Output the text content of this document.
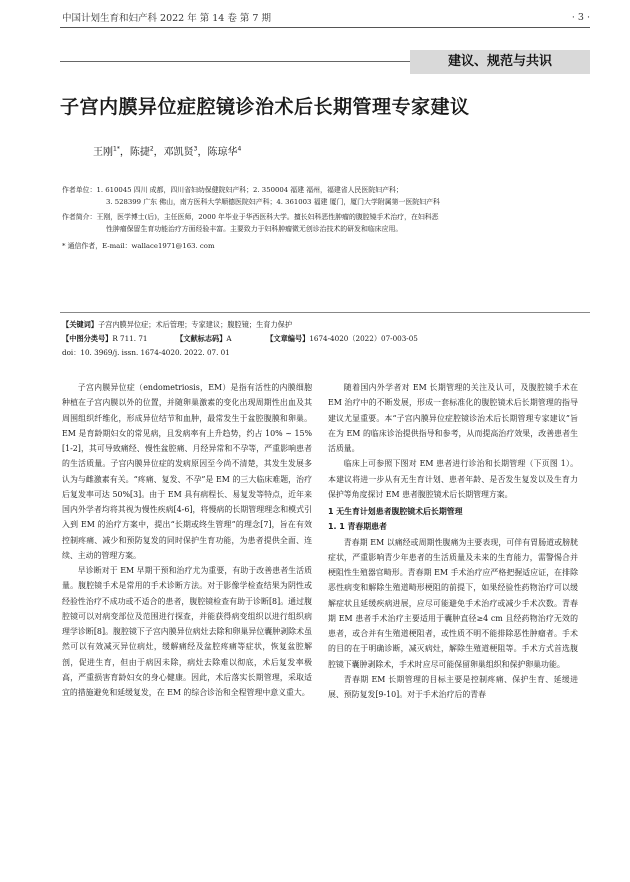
中国计划生育和妇产科 2022 年 第 14 卷 第 7 期	· 3 ·
建议、规范与共识
子宫内膜异位症腔镜诊治术后长期管理专家建议
王刚$^{1*}$，陈捷$^2$，邓凯贤$^3$，陈琼华$^4$
作者单位：1. 610045 四川 成都，四川省妇幼保健院妇产科；2. 350004 福建 福州，福建省人民医院妇产科；
3. 528399 广东 佛山，南方医科大学顺德医院妇产科；4. 361003 福建 厦门，厦门大学附属第一医院妇产科
作者简介：王刚，医学博士(后)，主任医师，2000 年毕业于华西医科大学。擅长妇科恶性肿瘤的腹腔镜手术治疗，在妇科恶
性肿瘤保留生育功能治疗方面经验丰富。主要致力于妇科肿瘤微无创诊治技术的研发和临床应用。
* 通信作者，E-mail：wallace1971@163. com
【关键词】子宫内膜异位症；术后管理；专家建议；腹腔镜；生育力保护
【中图分类号】R 711. 71	【文献标志码】A	【文章编号】1674-4020（2022）07-003-05
doi：10. 3969/j. issn. 1674-4020. 2022. 07. 01

子宫内膜异位症（endometriosis，EM）是指有活性的内膜细胞种植在子宫内膜以外的位置，并随卵巢激素的变化出现周期性出血及其周围组织纤维化，形成异位结节和血肿，最常发生于盆腔腹膜和卵巢。EM 是育龄期妇女的常见病，且发病率有上升趋势，约占 10% ~ 15%[1-2]，其可导致痛经、慢性盆腔痛、月经异常和不孕等，严重影响患者的生活质量。子宫内膜异位症的发病原因至今尚不清楚，其发生发展多认为与雌激素有关。“疼痛、复发、不孕”是 EM 的三大临床难题，治疗后复发率可达 50%[3]。由于 EM 具有病程长、易复发等特点，近年来国内外学者均将其视为慢性疾病[4-6]，将慢病的长期管理理念和模式引入到 EM 的治疗方案中，提出“长期或终生管理”的理念[7]，旨在有效控制疼痛、减少和预防复发的同时保护生育功能，为患者提供全面、连续、主动的管理方案。

早诊断对于 EM 早期干预和治疗尤为重要，有助于改善患者生活质量。腹腔镜手术是常用的手术诊断方法。对于影像学检查结果为阴性或经验性治疗不成功或不适合的患者，腹腔镜检查有助于诊断[8]。通过腹腔镜可以对病变部位及范围进行探查，并能获得病变组织以进行组织病理学诊断[8]。腹腔镜下子宫内膜异位病灶去除和卵巢异位囊肿剥除术虽然可以有效减灭异位病灶，缓解痛经及盆腔疼痛等症状，恢复盆腔解剖，促进生育，但由于病因未除，病灶去除难以彻底，术后复发率极高，严重损害育龄妇女的身心健康。因此，术后落实长期管理，采取适宜的措施避免和延缓复发，在 EM 的综合诊治和全程管理中意义重大。

随着国内外学者对 EM 长期管理的关注及认可，及腹腔镜手术在 EM 治疗中的不断发展，形成一套标准化的腹腔镜术后长期管理的指导建议尤显重要。本“子宫内膜异位症腔镜诊治术后长期管理专家建议”旨在为 EM 的临床诊治提供指导和参考，从而提高治疗效果，改善患者生活质量。

临床上可参照下图对 EM 患者进行诊治和长期管理（下页图 1）。本建议将进一步从有无生育计划、患者年龄、是否发生复发以及生育力保护等角度探讨 EM 患者腹腔镜术后长期管理方案。

1 无生育计划患者腹腔镜术后长期管理

1. 1 青春期患者

青春期 EM 以痛经或周期性腹痛为主要表现，可伴有胃肠道或膀胱症状，严重影响青少年患者的生活质量及未来的生育能力，需警惕合并梗阻性生殖器官畸形。青春期 EM 手术治疗应严格把握适应证，在排除恶性病变和解除生殖道畸形梗阻的前提下，如果经验性药物治疗可以缓解症状且延缓疾病进展，应尽可能避免手术治疗或减少手术次数。青春期 EM 患者手术治疗主要适用于囊肿直径≥4 cm 且经药物治疗无效的患者，或合并有生殖道梗阻者，或性质不明不能排除恶性肿瘤者。手术的目的在于明确诊断，减灭病灶，解除生殖道梗阻等。手术方式首选腹腔镜下囊肿剥除术，手术时应尽可能保留卵巢组织和保护卵巢功能。

青春期 EM 长期管理的目标主要是控制疼痛、保护生育、延缓进展、预防复发[9-10]。对于手术治疗后的青春
